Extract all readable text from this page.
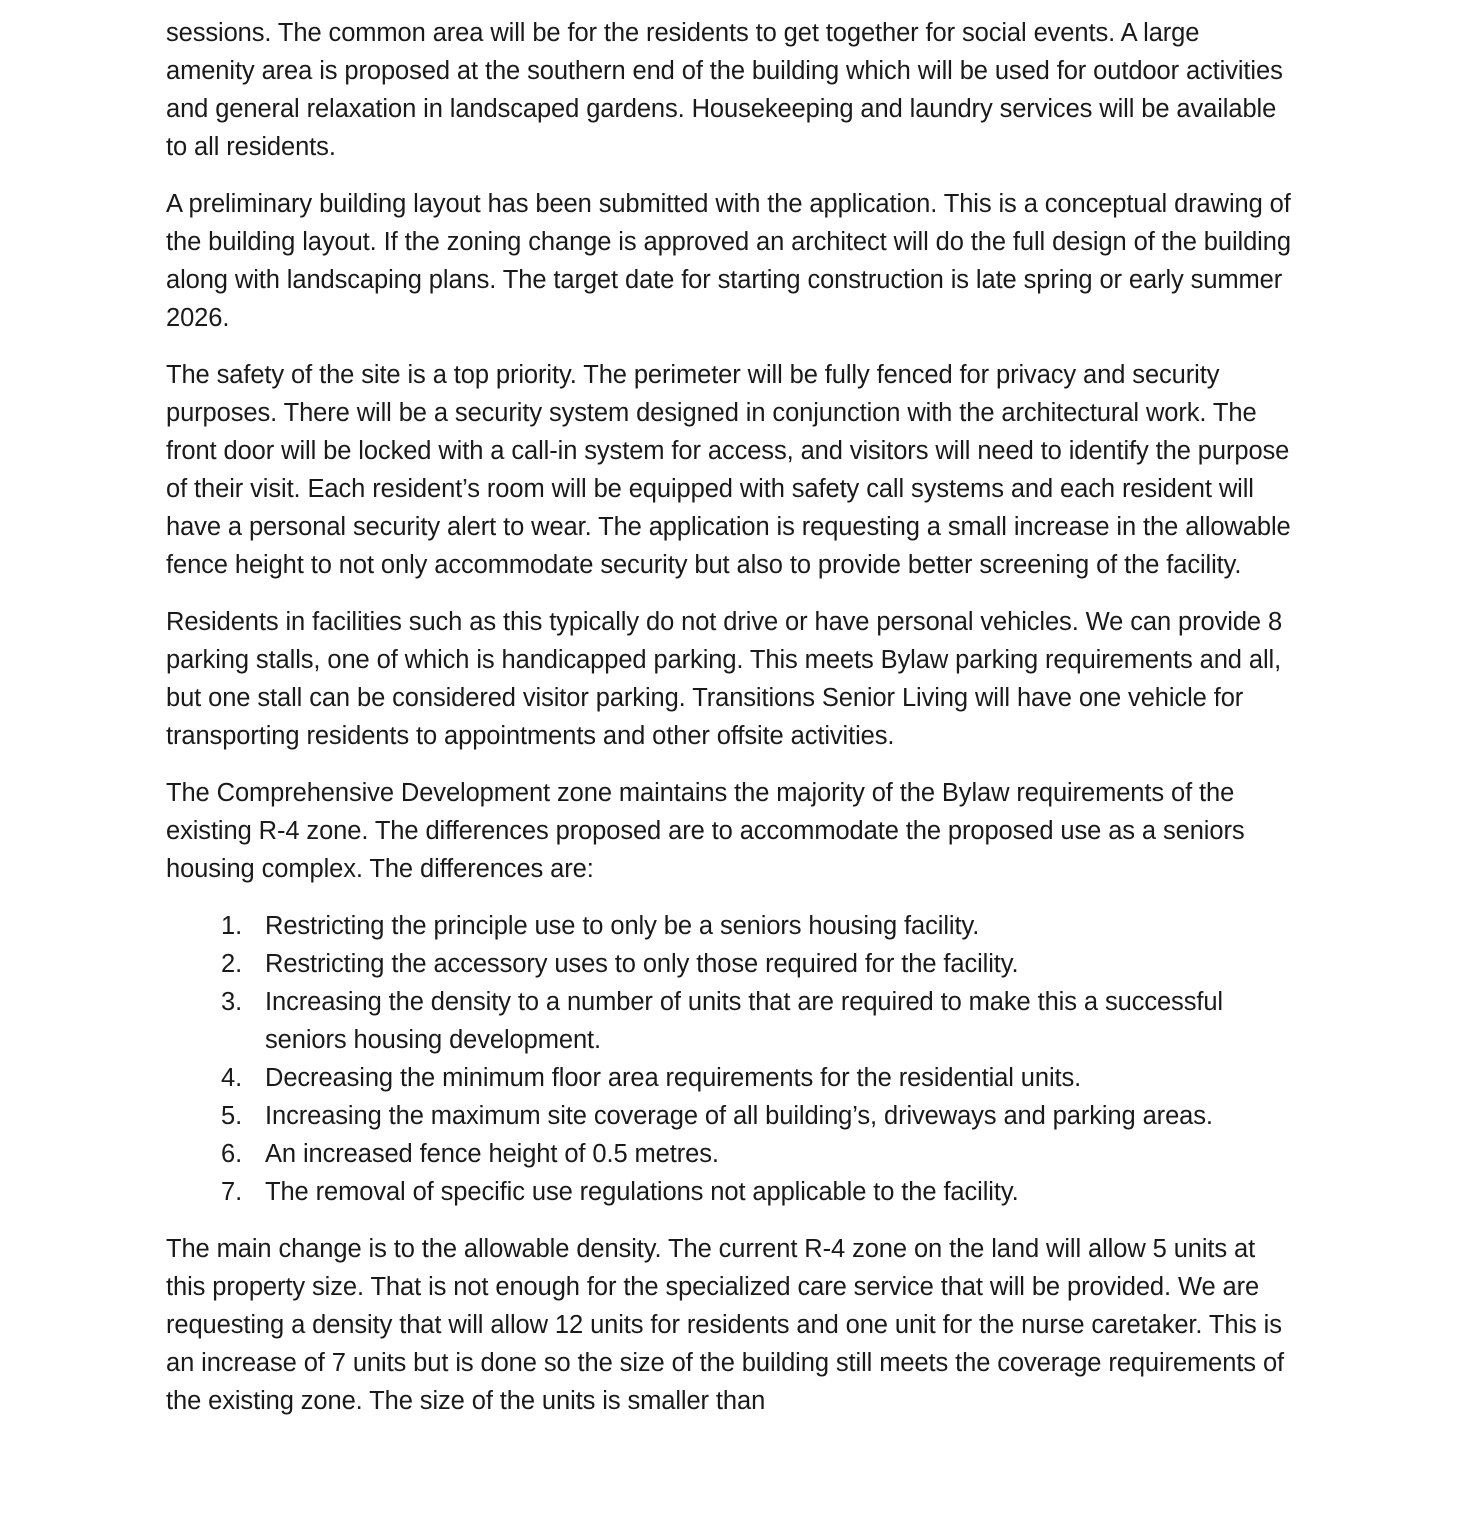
sessions. The common area will be for the residents to get together for social events. A large amenity area is proposed at the southern end of the building which will be used for outdoor activities and general relaxation in landscaped gardens. Housekeeping and laundry services will be available to all residents.

A preliminary building layout has been submitted with the application. This is a conceptual drawing of the building layout. If the zoning change is approved an architect will do the full design of the building along with landscaping plans. The target date for starting construction is late spring or early summer 2026.

The safety of the site is a top priority. The perimeter will be fully fenced for privacy and security purposes. There will be a security system designed in conjunction with the architectural work. The front door will be locked with a call-in system for access, and visitors will need to identify the purpose of their visit. Each resident’s room will be equipped with safety call systems and each resident will have a personal security alert to wear. The application is requesting a small increase in the allowable fence height to not only accommodate security but also to provide better screening of the facility.

Residents in facilities such as this typically do not drive or have personal vehicles. We can provide 8 parking stalls, one of which is handicapped parking. This meets Bylaw parking requirements and all, but one stall can be considered visitor parking. Transitions Senior Living will have one vehicle for transporting residents to appointments and other offsite activities.

The Comprehensive Development zone maintains the majority of the Bylaw requirements of the existing R-4 zone. The differences proposed are to accommodate the proposed use as a seniors housing complex. The differences are:

1. Restricting the principle use to only be a seniors housing facility.
2. Restricting the accessory uses to only those required for the facility.
3. Increasing the density to a number of units that are required to make this a successful seniors housing development.
4. Decreasing the minimum floor area requirements for the residential units.
5. Increasing the maximum site coverage of all building’s, driveways and parking areas.
6. An increased fence height of 0.5 metres.
7. The removal of specific use regulations not applicable to the facility.

The main change is to the allowable density. The current R-4 zone on the land will allow 5 units at this property size. That is not enough for the specialized care service that will be provided. We are requesting a density that will allow 12 units for residents and one unit for the nurse caretaker. This is an increase of 7 units but is done so the size of the building still meets the coverage requirements of the existing zone. The size of the units is smaller than
